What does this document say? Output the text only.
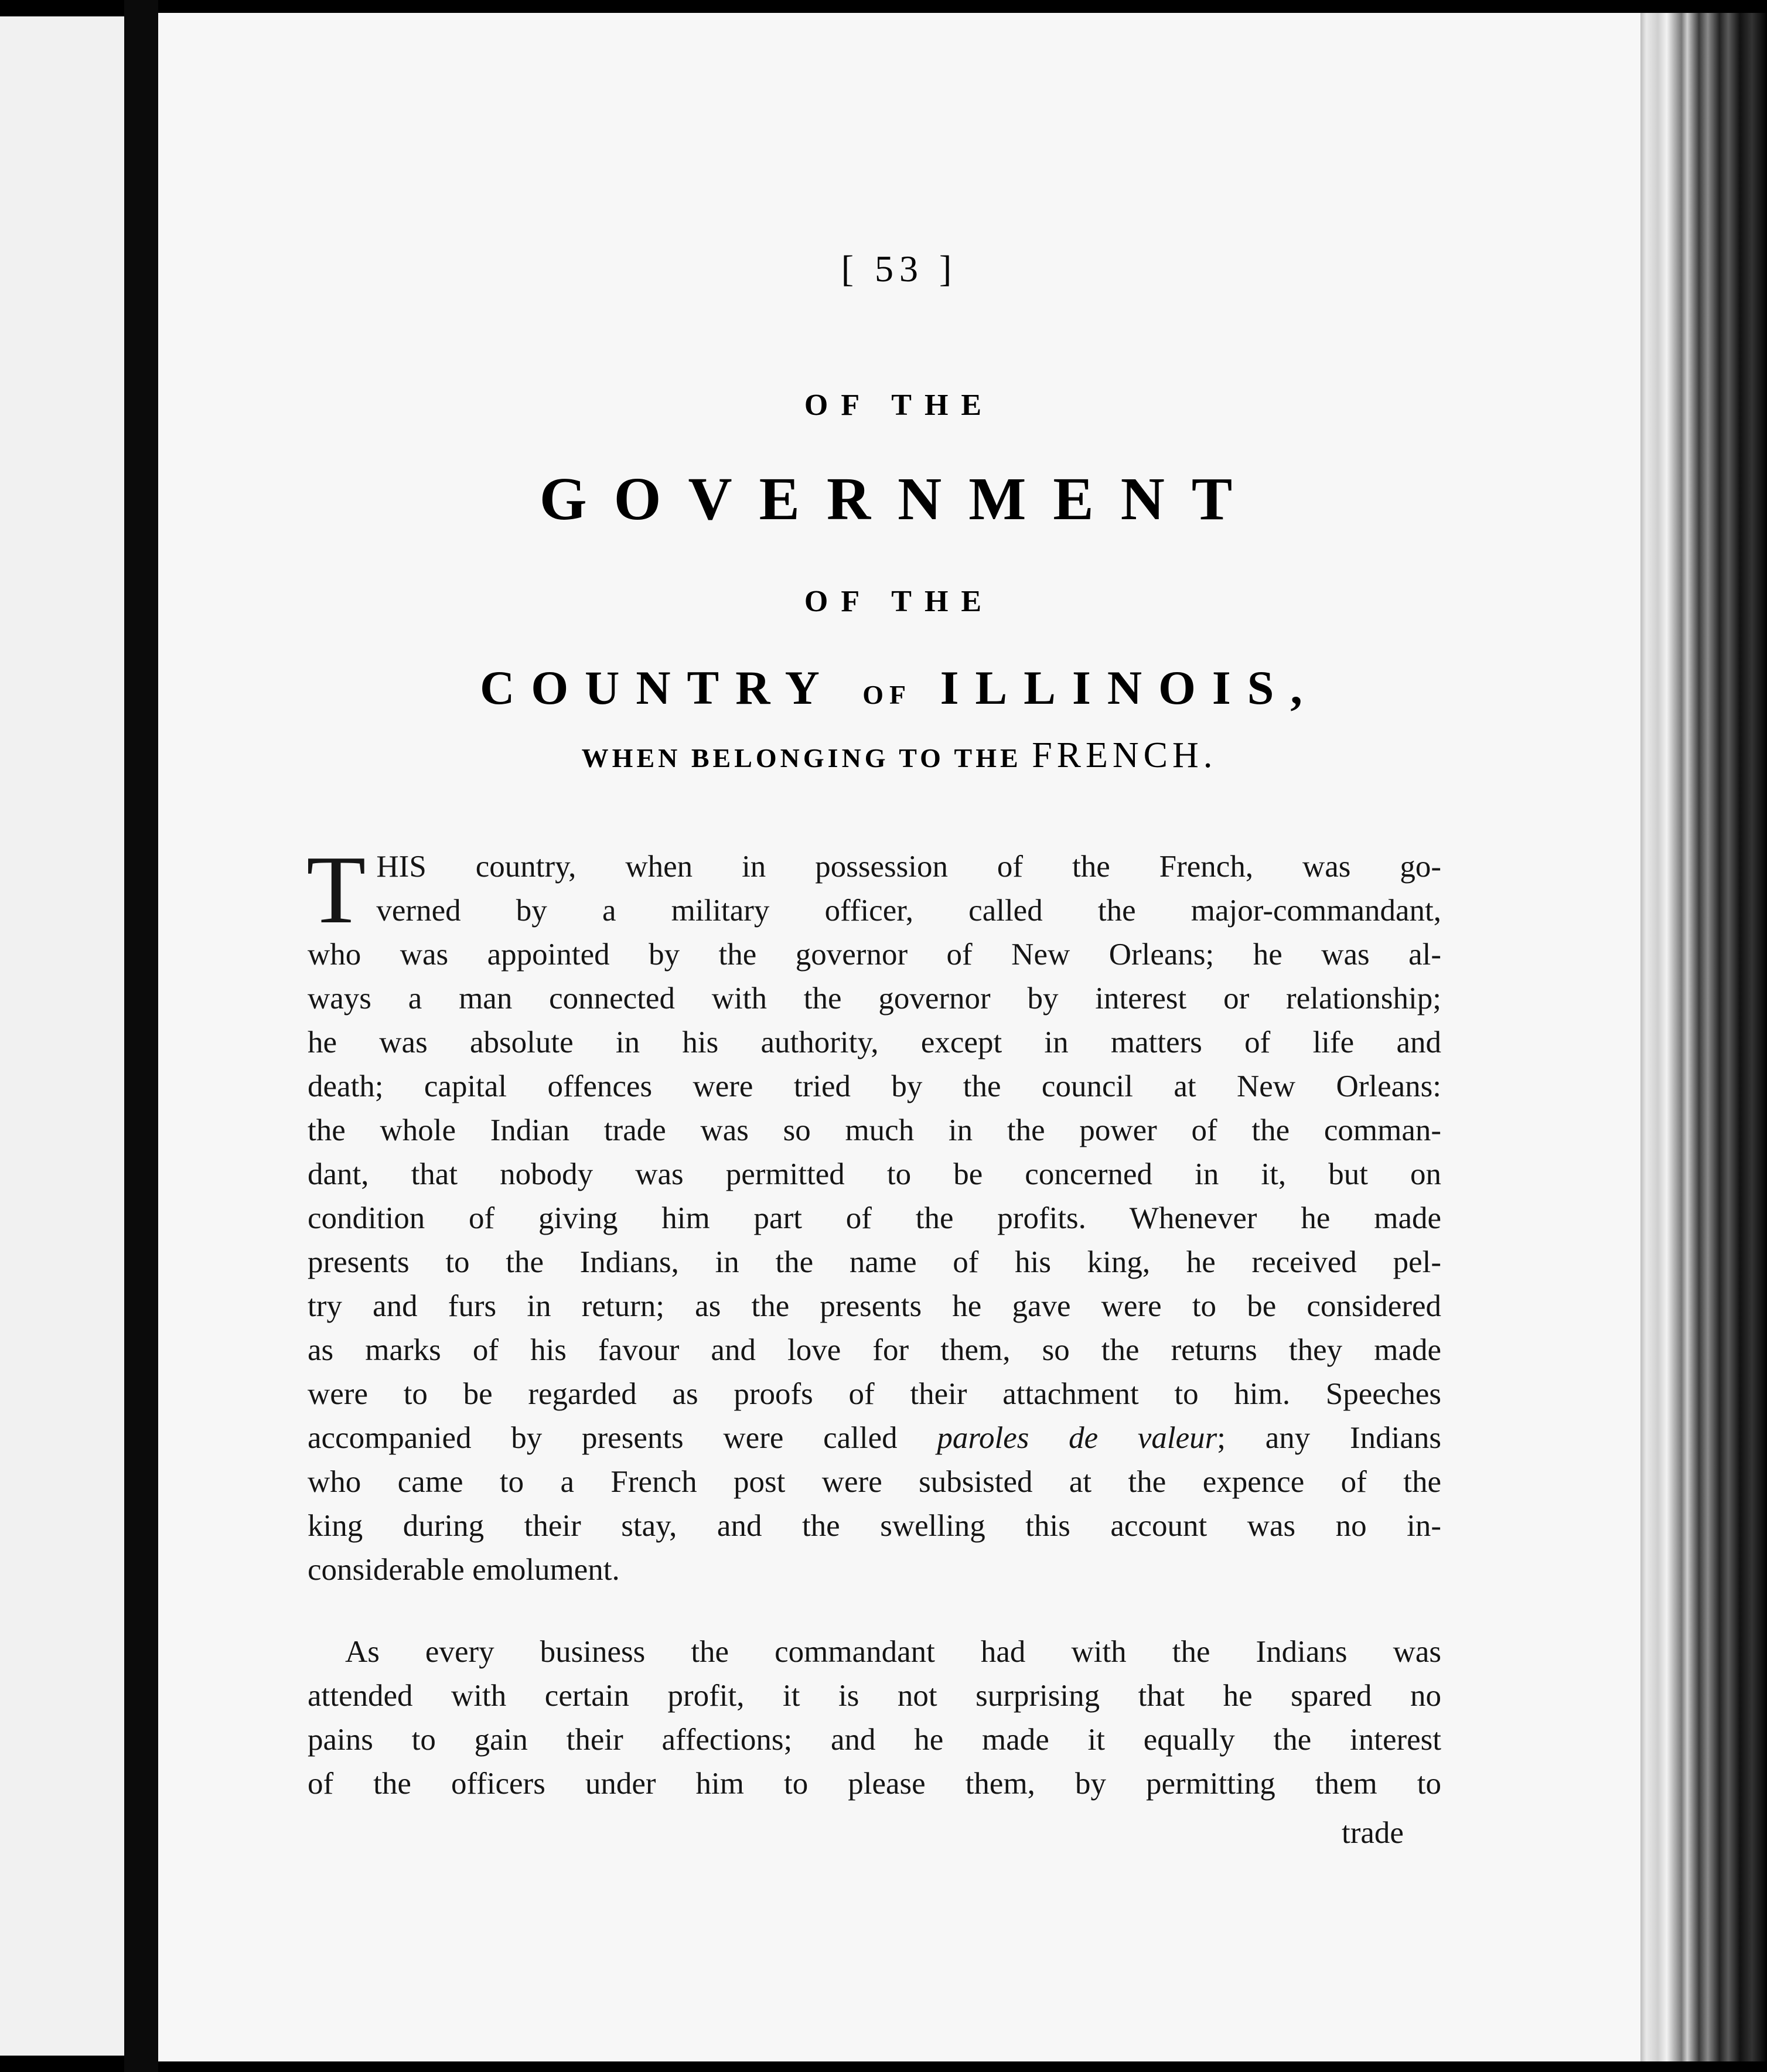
[ 53 ]
OF THE
GOVERNMENT
OF THE
COUNTRY OF ILLINOIS,
WHEN BELONGING TO THE FRENCH.
T HIS country, when in possession of the French, was go-
verned by a military officer, called the major-commandant,
who was appointed by the governor of New Orleans; he was al-
ways a man connected with the governor by interest or relationship;
he was absolute in his authority, except in matters of life and
death; capital offences were tried by the council at New Orleans:
the whole Indian trade was so much in the power of the comman-
dant, that nobody was permitted to be concerned in it, but on
condition of giving him part of the profits. Whenever he made
presents to the Indians, in the name of his king, he received pel-
try and furs in return; as the presents he gave were to be considered
as marks of his favour and love for them, so the returns they made
were to be regarded as proofs of their attachment to him. Speeches
accompanied by presents were called paroles de valeur; any Indians
who came to a French post were subsisted at the expence of the
king during their stay, and the swelling this account was no in-
considerable emolument.
As every business the commandant had with the Indians was
attended with certain profit, it is not surprising that he spared no
pains to gain their affections; and he made it equally the interest
of the officers under him to please them, by permitting them to
trade
